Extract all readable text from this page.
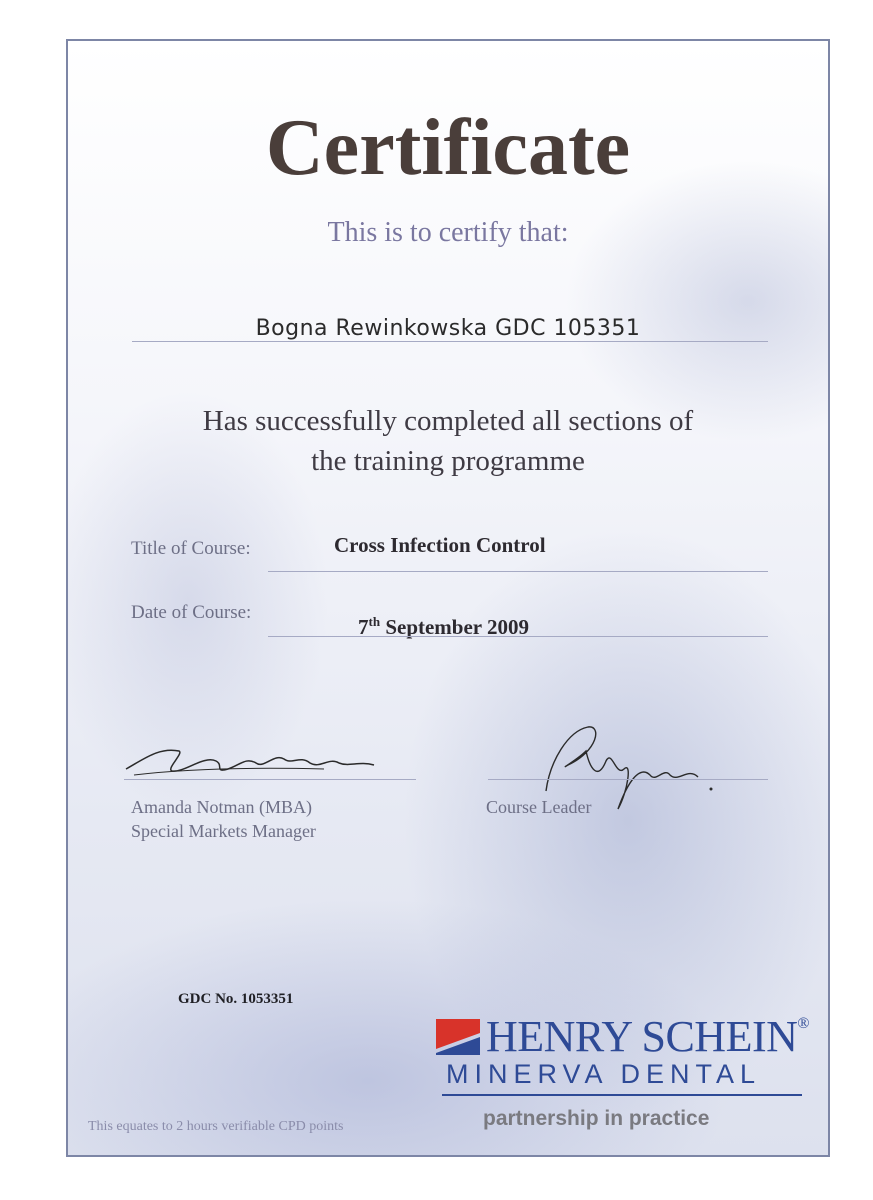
Certificate
This is to certify that:
Bogna Rewinkowska GDC 105351
Has successfully completed all sections of
the training programme
Title of Course:	Cross Infection Control
Date of Course:
7th September 2009
Amanda Notman (MBA)
Special Markets Manager
Course Leader
GDC No. 1053351
HENRY SCHEIN®
MINERVA DENTAL
partnership in practice
This equates to 2 hours verifiable CPD points
